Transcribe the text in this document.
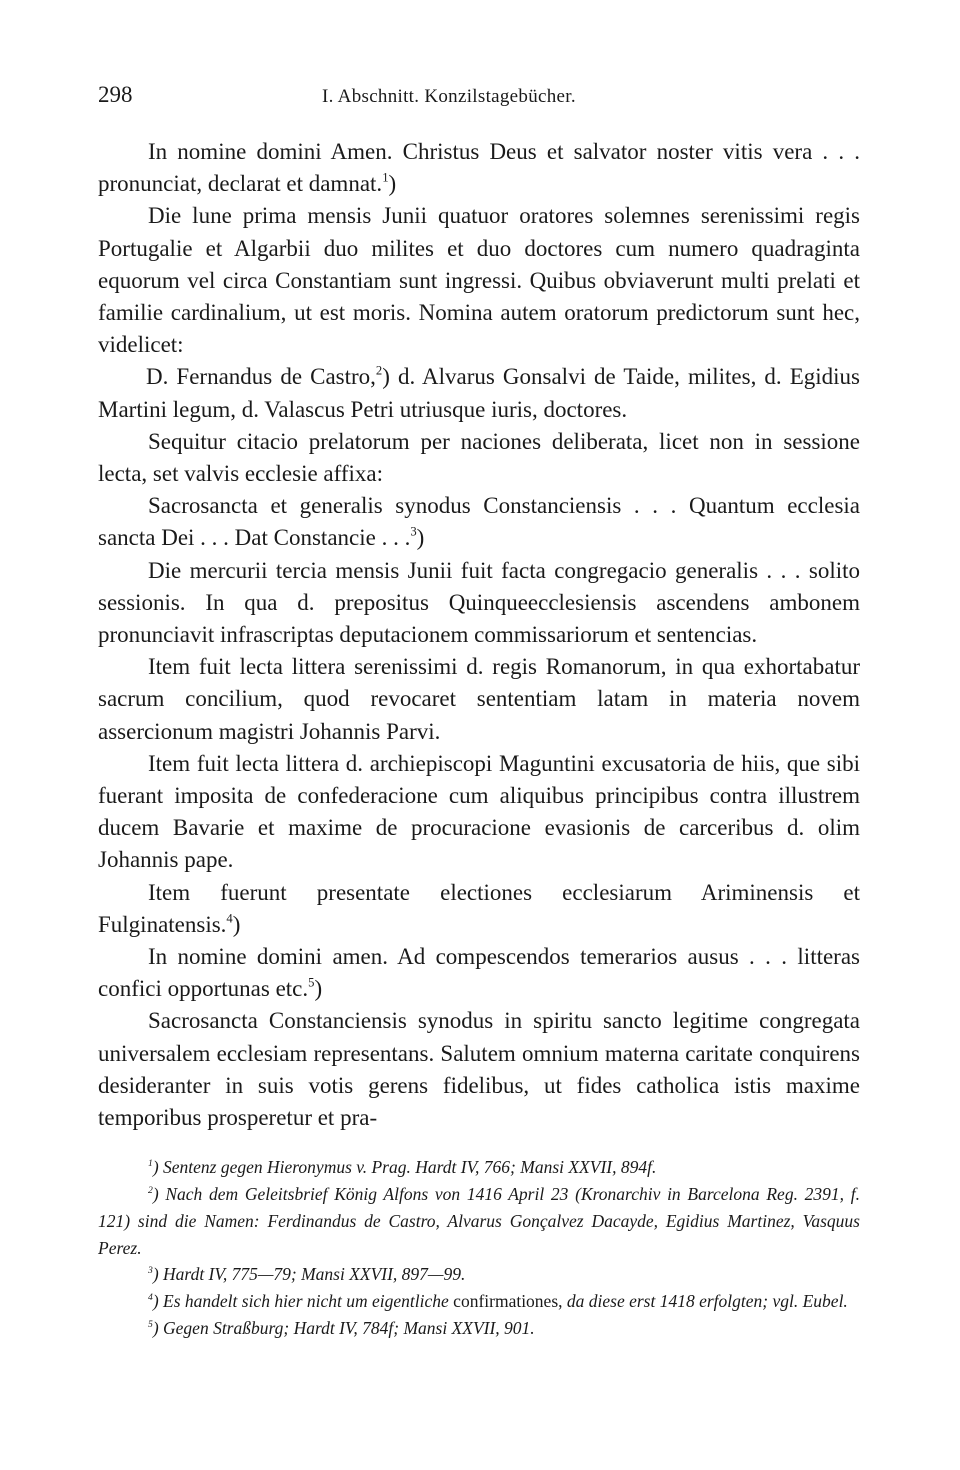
298	I. Abschnitt. Konzilstagebücher.

In nomine domini Amen. Christus Deus et salvator noster vitis vera . . . pronunciat, declarat et damnat.$^1$)

Die lune prima mensis Junii quatuor oratores solemnes serenissimi regis Portugalie et Algarbii duo milites et duo doctores cum numero quadraginta equorum vel circa Constantiam sunt ingressi. Quibus obviaverunt multi prelati et familie cardinalium, ut est moris. Nomina autem oratorum predictorum sunt hec, videlicet:

D. Fernandus de Castro,$^2$) d. Alvarus Gonsalvi de Taide, milites, d. Egidius Martini legum, d. Valascus Petri utriusque iuris, doctores.

Sequitur citacio prelatorum per naciones deliberata, licet non in sessione lecta, set valvis ecclesie affixa:

Sacrosancta et generalis synodus Constanciensis . . . Quantum ecclesia sancta Dei . . . Dat Constancie . . .$^3$)

Die mercurii tercia mensis Junii fuit facta congregacio generalis . . . solito sessionis. In qua d. prepositus Quinqueecclesiensis ascendens ambonem pronunciavit infrascriptas deputacionem commissariorum et sentencias.

Item fuit lecta littera serenissimi d. regis Romanorum, in qua exhortabatur sacrum concilium, quod revocaret sententiam latam in materia novem assercionum magistri Johannis Parvi.

Item fuit lecta littera d. archiepiscopi Maguntini excusatoria de hiis, que sibi fuerant imposita de confederacione cum aliquibus principibus contra illustrem ducem Bavarie et maxime de procuracione evasionis de carceribus d. olim Johannis pape.

Item fuerunt presentate electiones ecclesiarum Ariminensis et Fulginatensis.$^4$)

In nomine domini amen. Ad compescendos temerarios ausus . . . litteras confici opportunas etc.$^5$)

Sacrosancta Constanciensis synodus in spiritu sancto legitime congregata universalem ecclesiam representans. Salutem omnium materna caritate conquirens desideranter in suis votis gerens fidelibus, ut fides catholica istis maxime temporibus prosperetur et pra-

$^1$) Sentenz gegen Hieronymus v. Prag. Hardt IV, 766; Mansi XXVII, 894f.

$^2$) Nach dem Geleitsbrief König Alfons von 1416 April 23 (Kronarchiv in Barcelona Reg. 2391, f. 121) sind die Namen: Ferdinandus de Castro, Alvarus Gonçalvez Dacayde, Egidius Martinez, Vasquus Perez.

$^3$) Hardt IV, 775—79; Mansi XXVII, 897—99.

$^4$) Es handelt sich hier nicht um eigentliche confirmationes, da diese erst 1418 erfolgten; vgl. Eubel.

$^5$) Gegen Straßburg; Hardt IV, 784f; Mansi XXVII, 901.
